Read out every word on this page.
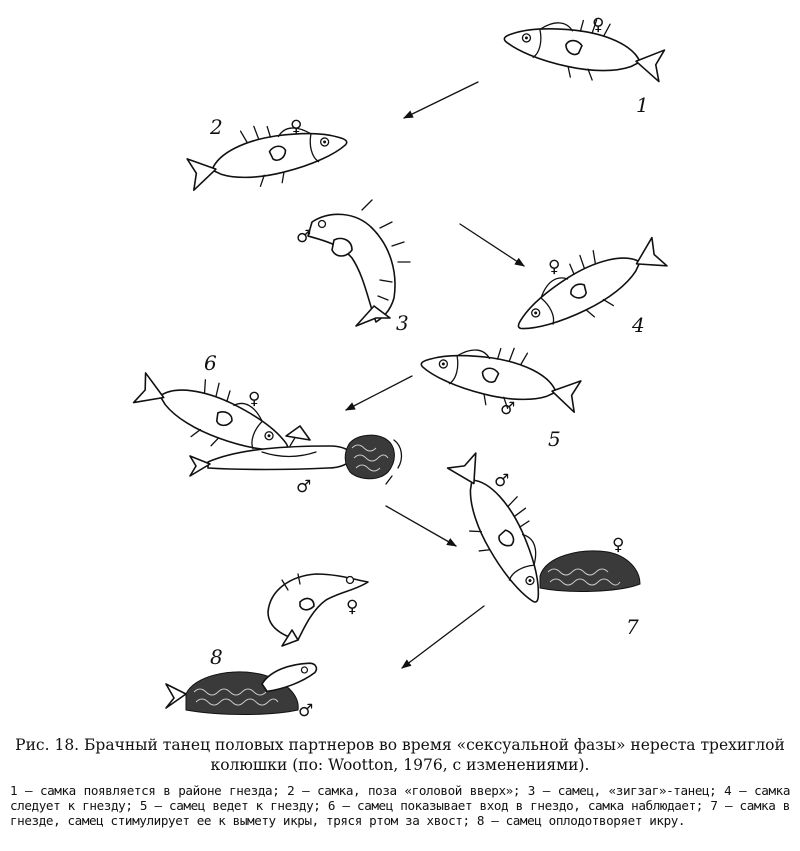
♀
1
♀
2
♂
3
♀
4
♂
5
♀
♂
6
♂
♀
7
♀
♂
8

Рис. 18. Брачный танец половых партнеров во время «сексуальной фазы» нереста трехиглой колюшки (по: Wootton, 1976, с изменениями).

1 — самка появляется в районе гнезда; 2 — самка, поза «головой вверх»; 3 — самец, «зигзаг»-танец; 4 — самка следует к гнезду; 5 — самец ведет к гнезду; 6 — самец показывает вход в гнездо, самка наблюдает; 7 — самка в гнезде, самец стимулирует ее к вымету икры, тряся ртом за хвост; 8 — самец оплодотворяет икру.
